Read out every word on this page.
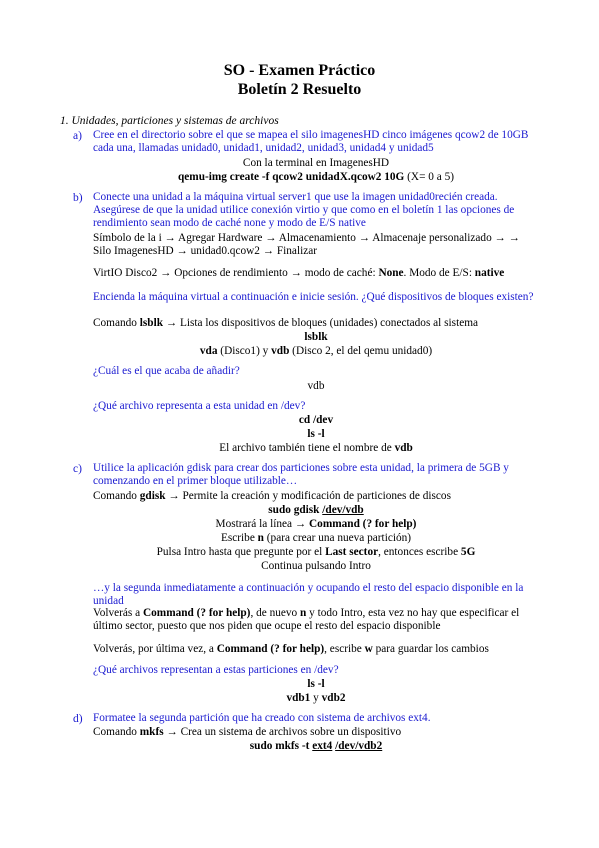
SO - Examen Práctico
Boletín 2 Resuelto
1. Unidades, particiones y sistemas de archivos
a) Cree en el directorio sobre el que se mapea el silo imagenesHD cinco imágenes qcow2 de 10GB cada una, llamadas unidad0, unidad1, unidad2, unidad3, unidad4 y unidad5
Con la terminal en ImagenesHD
qemu-img create -f qcow2 unidadX.qcow2 10G (X= 0 a 5)
b) Conecte una unidad a la máquina virtual server1 que use la imagen unidad0recién creada. Asegúrese de que la unidad utilice conexión virtio y que como en el boletín 1 las opciones de rendimiento sean modo de caché none y modo de E/S native
Símbolo de la i → Agregar Hardware → Almacenamiento → Almacenaje personalizado → → Silo ImagenesHD → unidad0.qcow2 → Finalizar
VirtIO Disco2 → Opciones de rendimiento → modo de caché: None. Modo de E/S: native
Encienda la máquina virtual a continuación e inicie sesión. ¿Qué dispositivos de bloques existen?
Comando lsblk → Lista los dispositivos de bloques (unidades) conectados al sistema
lsblk
vda (Disco1) y vdb (Disco 2, el del qemu unidad0)
¿Cuál es el que acaba de añadir?
vdb
¿Qué archivo representa a esta unidad en /dev?
cd /dev
ls -l
El archivo también tiene el nombre de vdb
c) Utilice la aplicación gdisk para crear dos particiones sobre esta unidad, la primera de 5GB y comenzando en el primer bloque utilizable…
Comando gdisk → Permite la creación y modificación de particiones de discos
sudo gdisk /dev/vdb
Mostrará la línea → Command (? for help)
Escribe n (para crear una nueva partición)
Pulsa Intro hasta que pregunte por el Last sector, entonces escribe 5G
Continua pulsando Intro
…y la segunda inmediatamente a continuación y ocupando el resto del espacio disponible en la unidad
Volverás a Command (? for help), de nuevo n y todo Intro, esta vez no hay que especificar el último sector, puesto que nos piden que ocupe el resto del espacio disponible
Volverás, por última vez, a Command (? for help), escribe w para guardar los cambios
¿Qué archivos representan a estas particiones en /dev?
ls -l
vdb1 y vdb2
d) Formatee la segunda partición que ha creado con sistema de archivos ext4.
Comando mkfs → Crea un sistema de archivos sobre un dispositivo
sudo mkfs -t ext4 /dev/vdb2
